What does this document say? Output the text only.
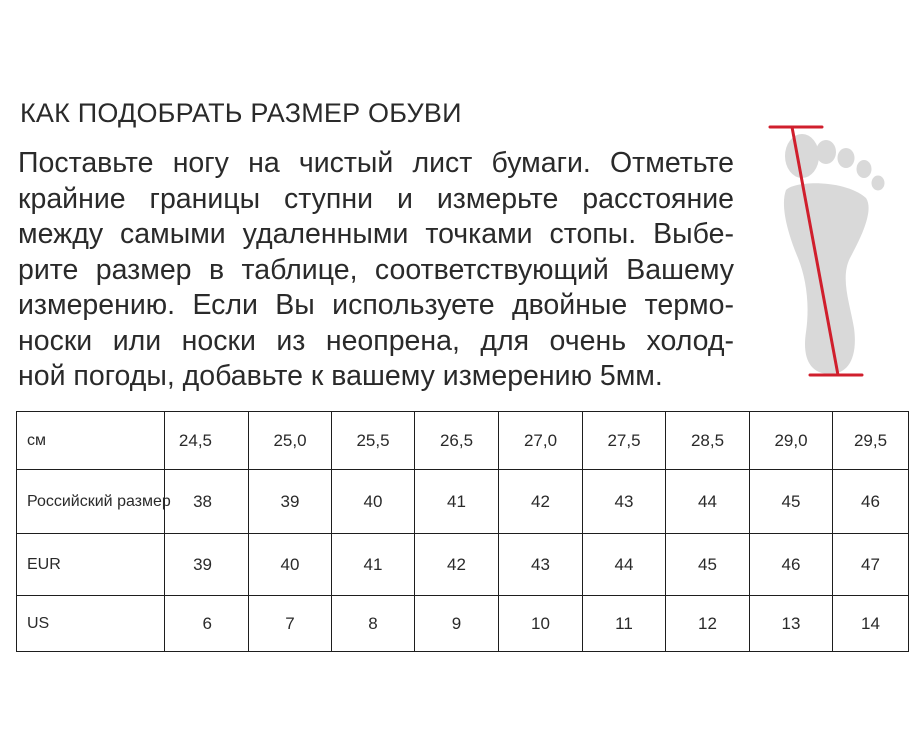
КАК ПОДОБРАТЬ РАЗМЕР ОБУВИ
Поставьте ногу на чистый лист бумаги. Отметьте
крайние границы ступни и измерьте расстояние
между самыми удаленными точками стопы. Выбе-
рите размер в таблице, соответствующий Вашему
измерению. Если Вы используете двойные термо-
носки или носки из неопрена, для очень холод-
ной погоды, добавьте к вашему измерению 5мм.
см	24,5	25,0	25,5	26,5	27,0	27,5	28,5	29,0	29,5
Российский размер	38	39	40	41	42	43	44	45	46
EUR	39	40	41	42	43	44	45	46	47
US	6	7	8	9	10	11	12	13	14
